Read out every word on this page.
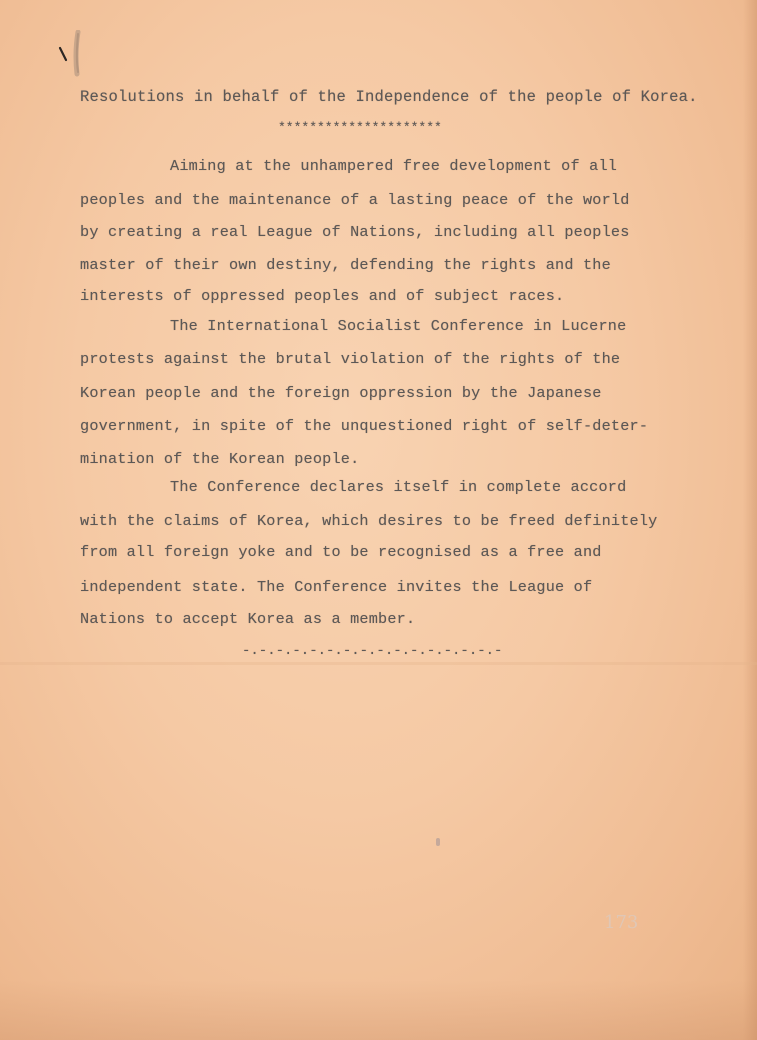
Resolutions in behalf of the Independence of the people of Korea.
*********************
Aiming at the unhampered free development of all
peoples and the maintenance of a lasting peace of the world
by creating a real League of Nations, including all peoples
master of their own destiny, defending the rights and the
interests of oppressed peoples and of subject races.
The International Socialist Conference in Lucerne
protests against the brutal violation of the rights of the
Korean people and the foreign oppression by the Japanese
government, in spite of the unquestioned right of self-deter-
mination of the Korean people.
The Conference declares itself in complete accord
with the claims of Korea, which desires to be freed definitely
from all foreign yoke and to be recognised as a free and
independent state. The Conference invites the League of
Nations to accept Korea as a member.
-.-.-.-.-.-.-.-.-.-.-.-.-.-.-.-
173
